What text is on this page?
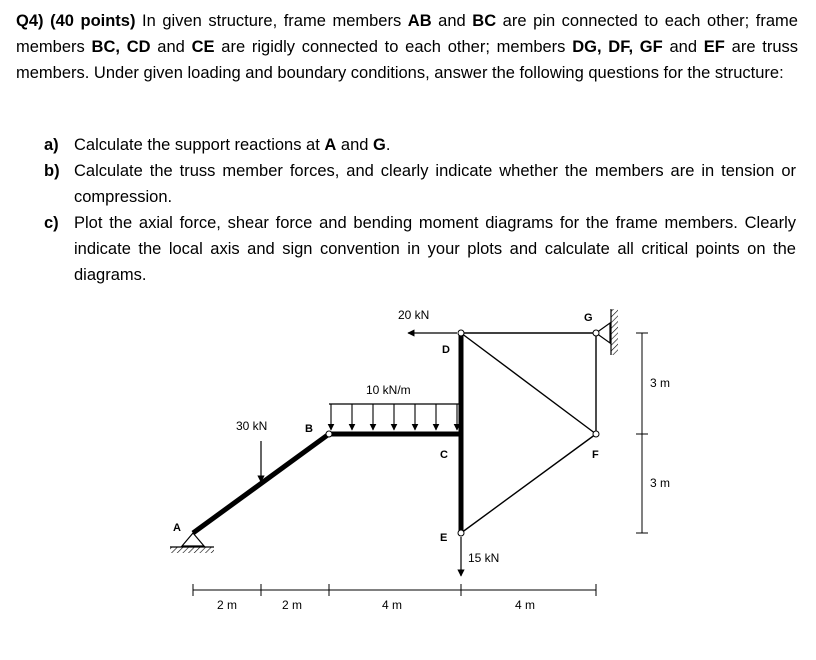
Q4) (40 points) In given structure, frame members AB and BC are pin connected to each other; frame members BC, CD and CE are rigidly connected to each other; members DG, DF, GF and EF are truss members. Under given loading and boundary conditions, answer the following questions for the structure:
a) Calculate the support reactions at A and G.
b) Calculate the truss member forces, and clearly indicate whether the members are in tension or compression.
c) Plot the axial force, shear force and bending moment diagrams for the frame members. Clearly indicate the local axis and sign convention in your plots and calculate all critical points on the diagrams.
A
B
C
D
E
F
G
30 kN
10 kN/m
20 kN
15 kN
2 m	2 m	4 m	4 m
3 m
3 m
